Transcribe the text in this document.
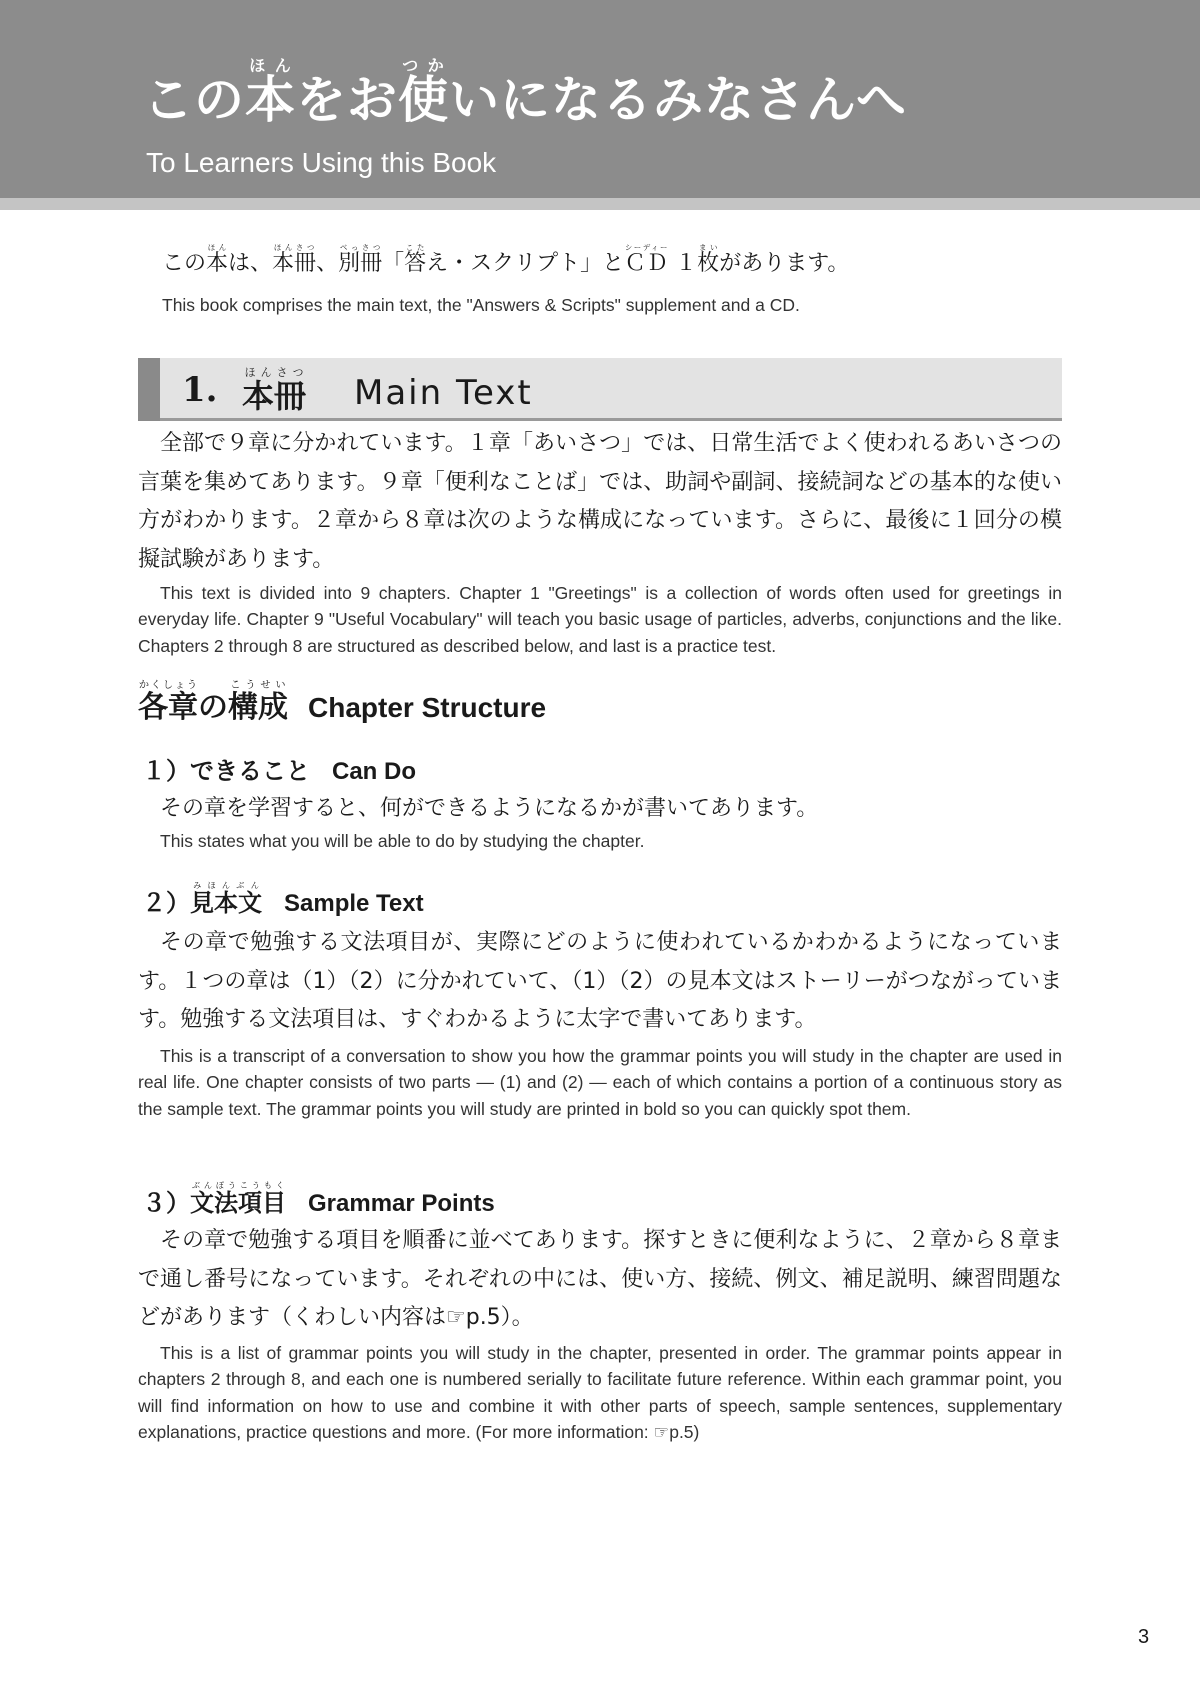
この本ほんをお使つかいになるみなさんへ

To Learners Using this Book

この本ほんは、本冊ほんさつ、別冊べっさつ「答こたえ・スクリプト」とＣＤシーディー １枚まいがあります。

This book comprises the main text, the "Answers & Scripts" supplement and a CD.

1. 本冊ほんさつ

Main Text

全部で９章に分かれています。１章「あいさつ」では、日常生活でよく使われるあいさつの言葉を集めてあります。９章「便利なことば」では、助詞や副詞、接続詞などの基本的な使い方がわかります。２章から８章は次のような構成になっています。さらに、最後に１回分の模擬試験があります。

This text is divided into 9 chapters. Chapter 1 "Greetings" is a collection of words often used for greetings in everyday life. Chapter 9 "Useful Vocabulary" will teach you basic usage of particles, adverbs, conjunctions and the like. Chapters 2 through 8 are structured as described below, and last is a practice test.

各章かくしょうの構成こうせいChapter Structure
１）できること Can Do

その章を学習すると、何ができるようになるかが書いてあります。

This states what you will be able to do by studying the chapter.

２）見本文みほんぶんSample Text

その章で勉強する文法項目が、実際にどのように使われているかわかるようになっています。１つの章は（1）（2）に分かれていて、（1）（2）の見本文はストーリーがつながっています。勉強する文法項目は、すぐわかるように太字で書いてあります。

This is a transcript of a conversation to show you how the grammar points you will study in the chapter are used in real life. One chapter consists of two parts — (1) and (2) — each of which contains a portion of a continuous story as the sample text. The grammar points you will study are printed in bold so you can quickly spot them.

３）文法項目ぶんぽうこうもくGrammar Points

その章で勉強する項目を順番に並べてあります。探すときに便利なように、２章から８章まで通し番号になっています。それぞれの中には、使い方、接続、例文、補足説明、練習問題などがあります（くわしい内容は☞p.5）。

This is a list of grammar points you will study in the chapter, presented in order. The grammar points appear in chapters 2 through 8, and each one is numbered serially to facilitate future reference. Within each grammar point, you will find information on how to use and combine it with other parts of speech, sample sentences, supplementary explanations, practice questions and more. (For more information: ☞p.5)

3
